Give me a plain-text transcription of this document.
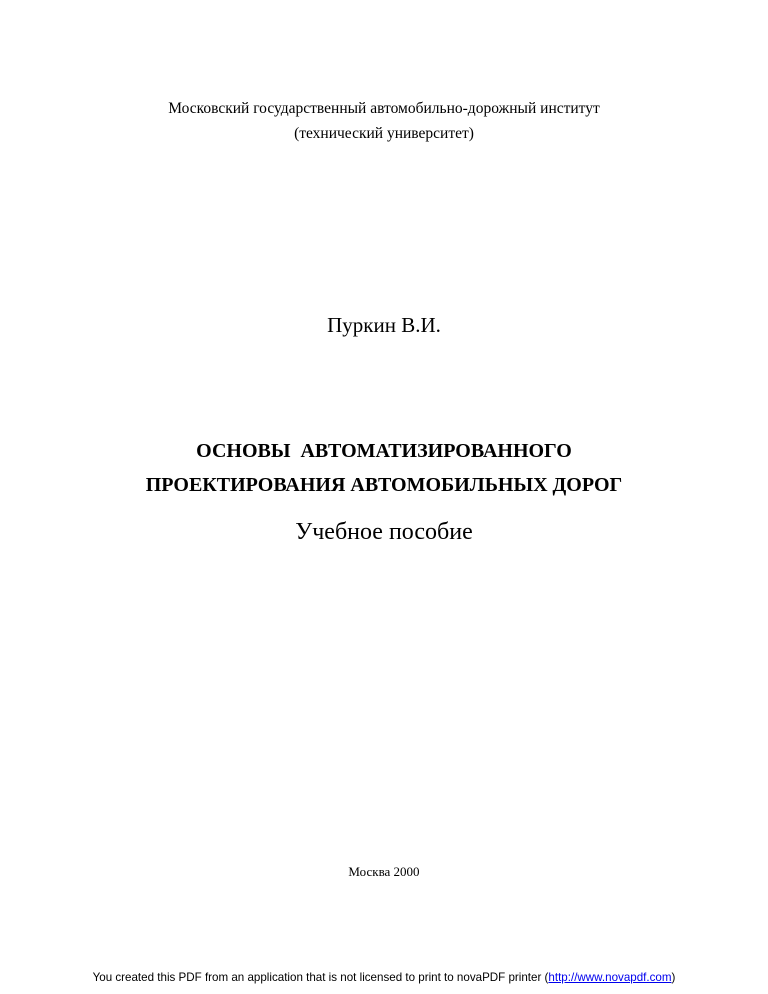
Московский государственный автомобильно-дорожный институт
(технический университет)
Пуркин В.И.
ОСНОВЫ  АВТОМАТИЗИРОВАННОГО
ПРОЕКТИРОВАНИЯ АВТОМОБИЛЬНЫХ ДОРОГ
Учебное пособие
Москва 2000
You created this PDF from an application that is not licensed to print to novaPDF printer (http://www.novapdf.com)
